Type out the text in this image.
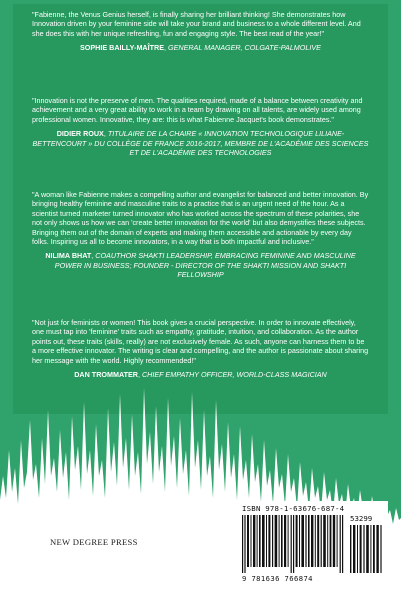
"Fabienne, the Venus Genius herself, is finally sharing her brilliant thinking! She demonstrates how Innovation driven by your feminine side will take your brand and business to a whole different level. And she does this with her unique refreshing, fun and engaging style. The best read of the year!"

SOPHIE BAILLY-MAÎTRE, GENERAL MANAGER, COLGATE-PALMOLIVE

"Innovation is not the preserve of men. The qualities required, made of a balance between creativity and achievement and a very great ability to work in a team by drawing on all talents, are widely used among professional women. Innovative, they are: this is what Fabienne Jacquet's book demonstrates."

DIDIER ROUX, TITULAIRE DE LA CHAIRE « INNOVATION TECHNOLOGIQUE LILIANE-BETTENCOURT » DU COLLÈGE DE FRANCE 2016-2017, MEMBRE DE L'ACADÉMIE DES SCIENCES ET DE L'ACADÉMIE DES TECHNOLOGIES

"A woman like Fabienne makes a compelling author and evangelist for balanced and better innovation. By bringing healthy feminine and masculine traits to a practice that is an urgent need of the hour. As a scientist turned marketer turned innovator who has worked across the spectrum of these polarities, she not only shows us how we can 'create better innovation for the world' but also demystifies these subjects. Bringing them out of the domain of experts and making them accessible and actionable by every day folks. Inspiring us all to become innovators, in a way that is both impactful and inclusive."

NILIMA BHAT, COAUTHOR SHAKTI LEADERSHIP, EMBRACING FEMININE AND MASCULINE POWER IN BUSINESS; FOUNDER - DIRECTOR OF THE SHAKTI MISSION AND SHAKTI FELLOWSHIP

"Not just for feminists or women! This book gives a crucial perspective. In order to innovate effectively, one must tap into 'feminine' traits such as empathy, gratitude, intuition, and collaboration. As the author points out, these traits (skills, really) are not exclusively female. As such, anyone can harness them to be a more effective innovator. The writing is clear and compelling, and the author is passionate about sharing her message with the world. Highly recommended!"

DAN TROMMATER, CHIEF EMPATHY OFFICER, WORLD-CLASS MAGICIAN

NEW DEGREE PRESS
ISBN 978-1-63676-687-4
53299
9 781636 766874
